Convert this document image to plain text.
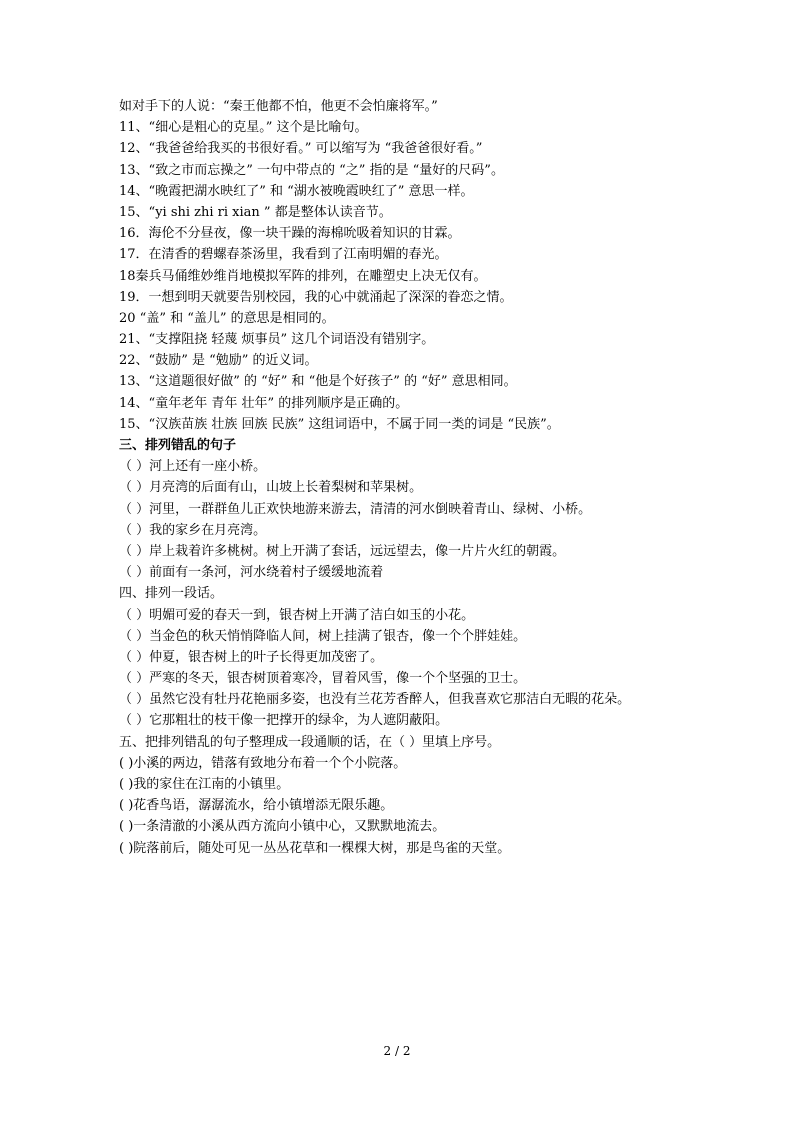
如对手下的人说：“秦王他都不怕，他更不会怕廉将军。”
11、“细心是粗心的克星。” 这个是比喻句。
12、“我爸爸给我买的书很好看。” 可以缩写为 “我爸爸很好看。”
13、“致之市而忘操之” 一句中带点的 “之” 指的是 “量好的尺码”。
14、“晚霞把湖水映红了” 和 “湖水被晚霞映红了” 意思一样。
15、“yi shi zhi ri xian ” 都是整体认读音节。
16．海伦不分昼夜，像一块干躁的海棉吮吸着知识的甘霖。
17．在清香的碧螺春茶汤里，我看到了江南明媚的春光。
18秦兵马俑维妙维肖地模拟军阵的排列，在雕塑史上决无仅有。
19．一想到明天就要告别校园，我的心中就涌起了深深的眷恋之情。
20 “盖” 和 “盖儿” 的意思是相同的。
21、“支撑阻挠 轻蔑 烦事员” 这几个词语没有错别字。
22、“鼓励” 是 “勉励” 的近义词。
13、“这道题很好做” 的 “好” 和 “他是个好孩子” 的 “好” 意思相同。
14、“童年老年 青年 壮年” 的排列顺序是正确的。
15、“汉族苗族 壮族 回族 民族” 这组词语中，不属于同一类的词是 “民族”。
三、排列错乱的句子
（ ）河上还有一座小桥。
（ ）月亮湾的后面有山，山坡上长着梨树和苹果树。
（ ）河里，一群群鱼儿正欢快地游来游去，清清的河水倒映着青山、绿树、小桥。
（ ）我的家乡在月亮湾。
（ ）岸上栽着许多桃树。树上开满了套话，远远望去，像一片片火红的朝霞。
（ ）前面有一条河，河水绕着村子缓缓地流着
四、排列一段话。
（ ）明媚可爱的春天一到，银杏树上开满了洁白如玉的小花。
（ ）当金色的秋天悄悄降临人间，树上挂满了银杏，像一个个胖娃娃。
（ ）仲夏，银杏树上的叶子长得更加茂密了。
（ ）严寒的冬天，银杏树顶着寒冷，冒着风雪，像一个个坚强的卫士。
（ ）虽然它没有牡丹花艳丽多姿，也没有兰花芳香醉人，但我喜欢它那洁白无暇的花朵。
（ ）它那粗壮的枝干像一把撑开的绿伞，为人遮阴蔽阳。
五、把排列错乱的句子整理成一段通顺的话，在（ ）里填上序号。
( )小溪的两边，错落有致地分布着一个个小院落。
( )我的家住在江南的小镇里。
( )花香鸟语，潺潺流水，给小镇增添无限乐趣。
( )一条清澈的小溪从西方流向小镇中心，又默默地流去。
( )院落前后，随处可见一丛丛花草和一棵棵大树，那是鸟雀的天堂。
2 / 2
